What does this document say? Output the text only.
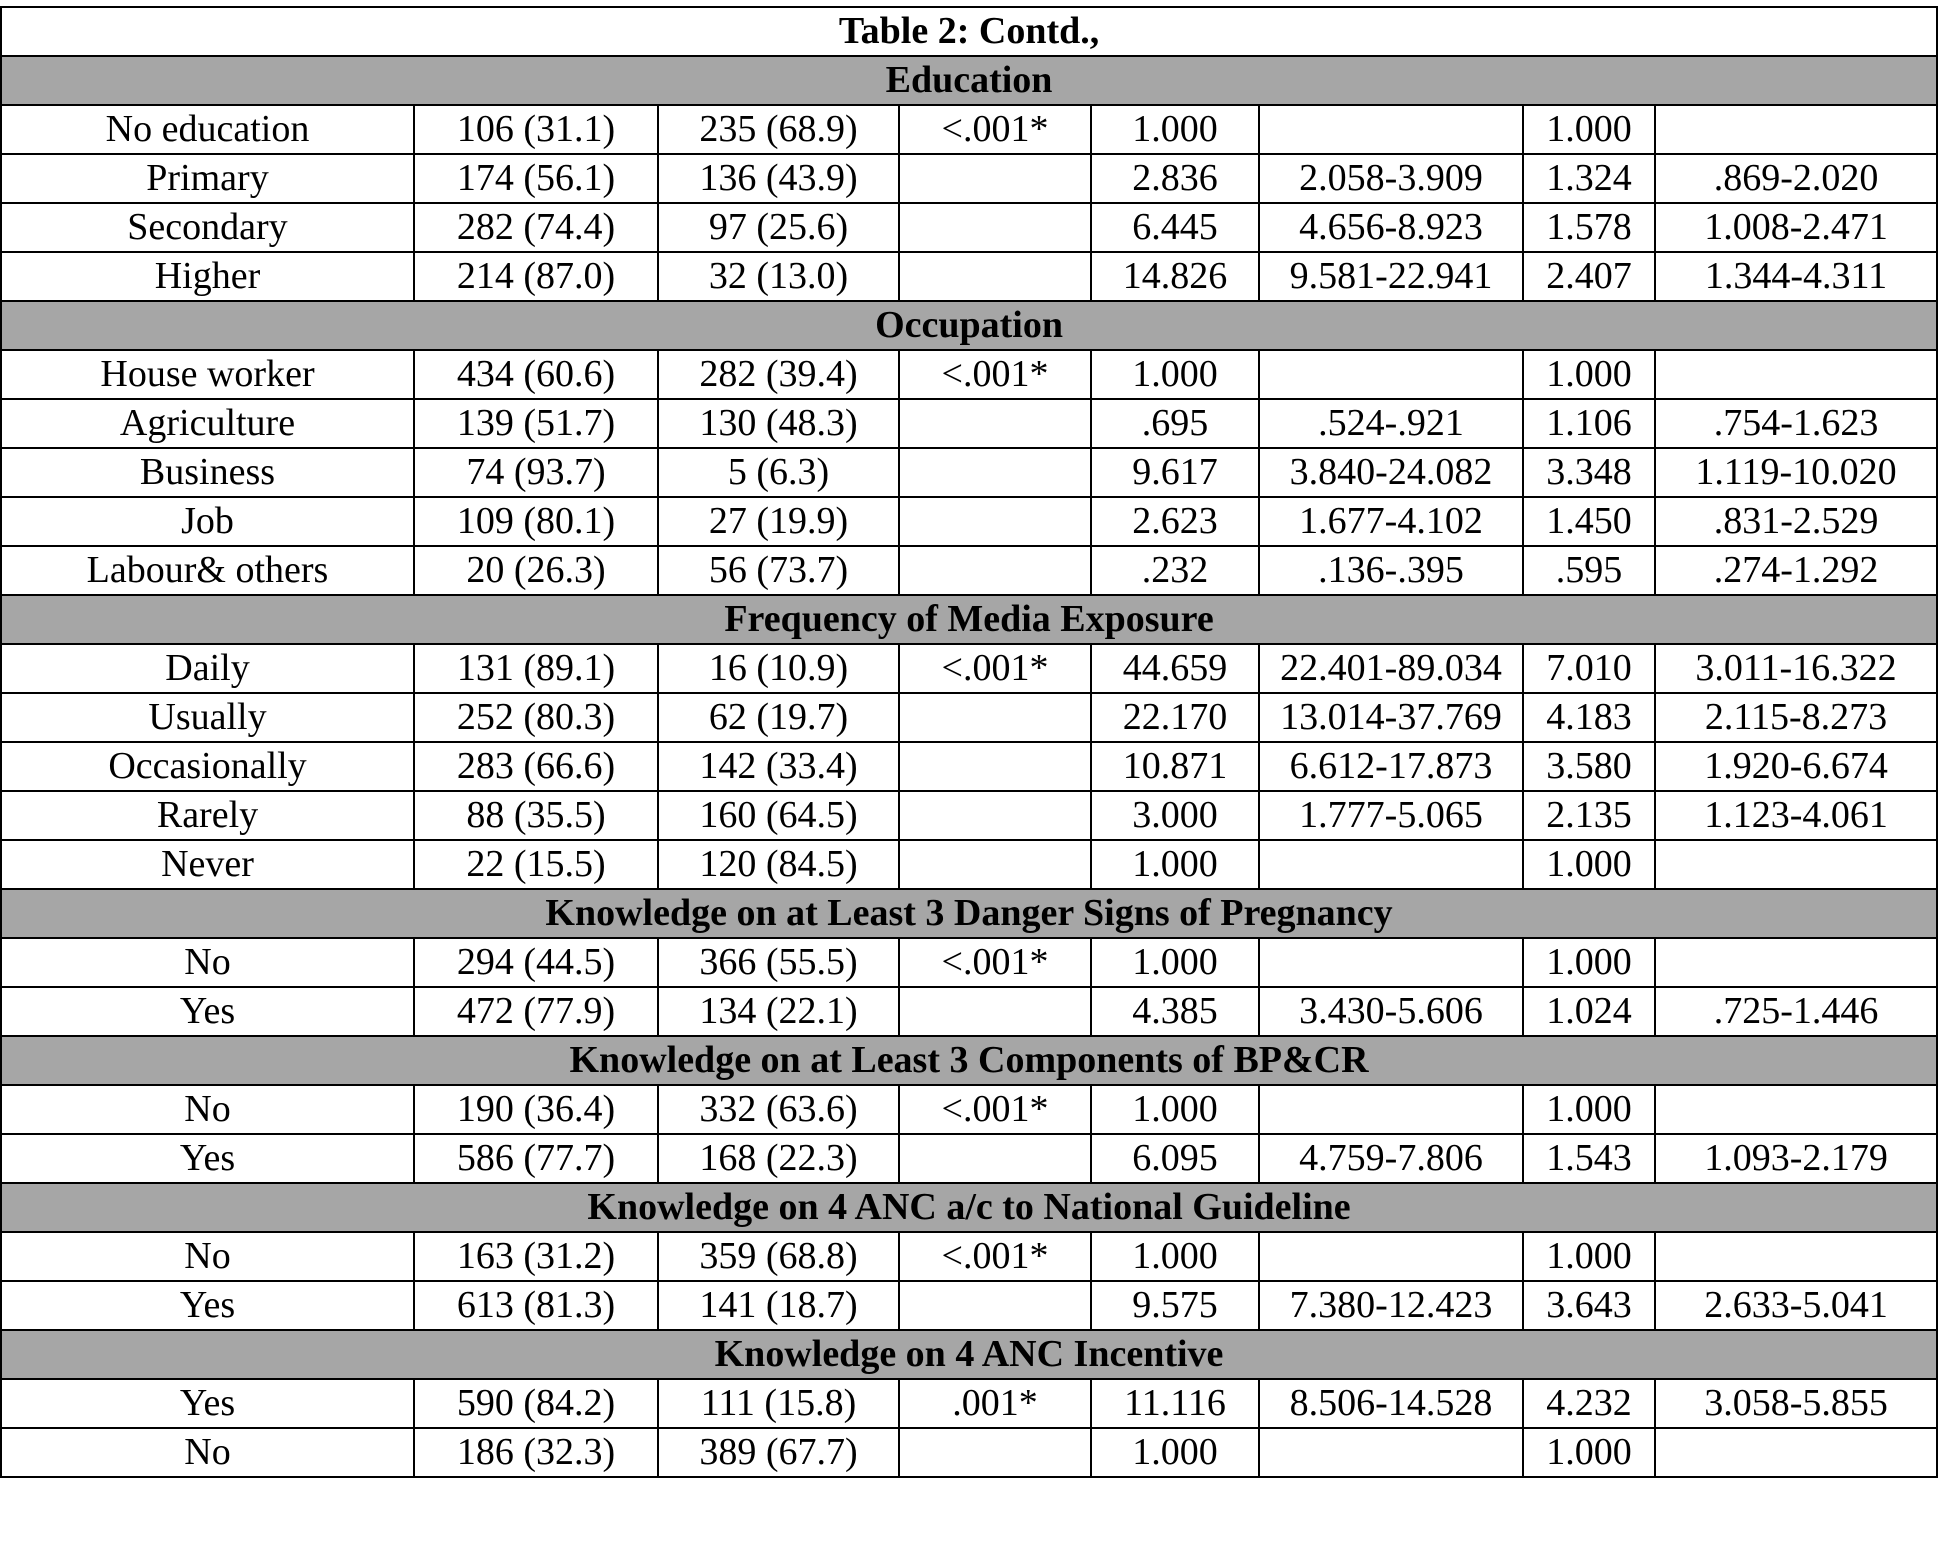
Table 2: Contd.,							
Education							
No education	106 (31.1)	235 (68.9)	<.001*	1.000		1.000	
Primary	174 (56.1)	136 (43.9)		2.836	2.058-3.909	1.324	.869-2.020
Secondary	282 (74.4)	97 (25.6)		6.445	4.656-8.923	1.578	1.008-2.471
Higher	214 (87.0)	32 (13.0)		14.826	9.581-22.941	2.407	1.344-4.311
Occupation							
House worker	434 (60.6)	282 (39.4)	<.001*	1.000		1.000	
Agriculture	139 (51.7)	130 (48.3)		.695	.524-.921	1.106	.754-1.623
Business	74 (93.7)	5 (6.3)		9.617	3.840-24.082	3.348	1.119-10.020
Job	109 (80.1)	27 (19.9)		2.623	1.677-4.102	1.450	.831-2.529
Labour& others	20 (26.3)	56 (73.7)		.232	.136-.395	.595	.274-1.292
Frequency of Media Exposure							
Daily	131 (89.1)	16 (10.9)	<.001*	44.659	22.401-89.034	7.010	3.011-16.322
Usually	252 (80.3)	62 (19.7)		22.170	13.014-37.769	4.183	2.115-8.273
Occasionally	283 (66.6)	142 (33.4)		10.871	6.612-17.873	3.580	1.920-6.674
Rarely	88 (35.5)	160 (64.5)		3.000	1.777-5.065	2.135	1.123-4.061
Never	22 (15.5)	120 (84.5)		1.000		1.000	
Knowledge on at Least 3 Danger Signs of Pregnancy							
No	294 (44.5)	366 (55.5)	<.001*	1.000		1.000	
Yes	472 (77.9)	134 (22.1)		4.385	3.430-5.606	1.024	.725-1.446
Knowledge on at Least 3 Components of BP&CR							
No	190 (36.4)	332 (63.6)	<.001*	1.000		1.000	
Yes	586 (77.7)	168 (22.3)		6.095	4.759-7.806	1.543	1.093-2.179
Knowledge on 4 ANC a/c to National Guideline							
No	163 (31.2)	359 (68.8)	<.001*	1.000		1.000	
Yes	613 (81.3)	141 (18.7)		9.575	7.380-12.423	3.643	2.633-5.041
Knowledge on 4 ANC Incentive							
Yes	590 (84.2)	111 (15.8)	.001*	11.116	8.506-14.528	4.232	3.058-5.855
No	186 (32.3)	389 (67.7)		1.000		1.000	
